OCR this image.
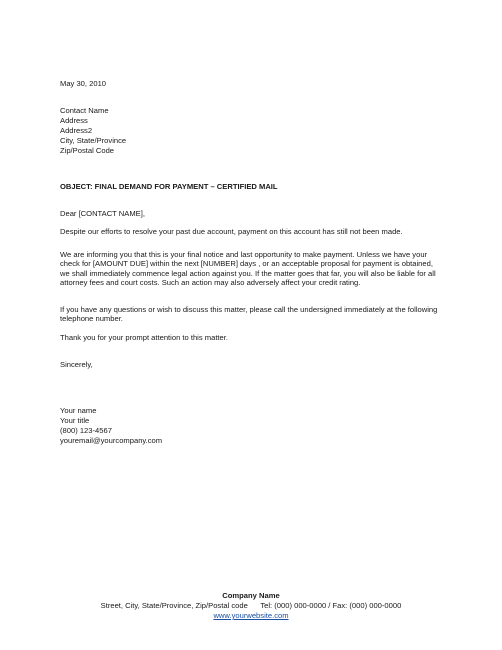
May 30, 2010
Contact Name
Address
Address2
City, State/Province
Zip/Postal Code
OBJECT: FINAL DEMAND FOR PAYMENT – CERTIFIED MAIL
Dear [CONTACT NAME],
Despite our efforts to resolve your past due account, payment on this account has still not been made.
We are informing you that this is your final notice and last opportunity to make payment. Unless we have your check for [AMOUNT DUE] within the next [NUMBER] days , or an acceptable proposal for payment is obtained, we shall immediately commence legal action against you. If the matter goes that far, you will also be liable for all attorney fees and court costs. Such an action may also adversely affect your credit rating.
If you have any questions or wish to discuss this matter, please call the undersigned immediately at the following telephone number.
Thank you for your prompt attention to this matter.
Sincerely,
Your name
Your title
(800) 123-4567
youremail@yourcompany.com
Company Name
Street, City, State/Province, Zip/Postal code      Tel: (000) 000-0000 / Fax: (000) 000-0000
www.yourwebsite.com
